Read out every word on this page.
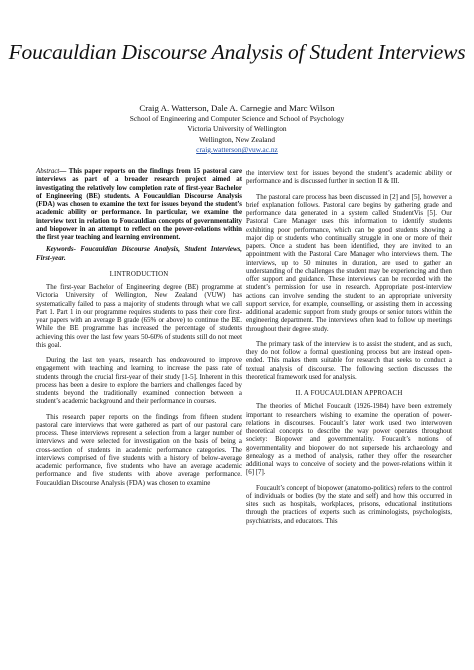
Foucauldian Discourse Analysis of Student Interviews
Craig A. Watterson, Dale A. Carnegie and Marc Wilson
School of Engineering and Computer Science and School of Psychology
Victoria University of Wellington
Wellington, New Zealand
craig.watterson@vuw.ac.nz

Abstract— This paper reports on the findings from 15 pastoral care interviews as part of a broader research project aimed at investigating the relatively low completion rate of first-year Bachelor of Engineering (BE) students. A Foucauldian Discourse Analysis (FDA) was chosen to examine the text for issues beyond the student’s academic ability or performance. In particular, we examine the interview text in relation to Foucauldian concepts of governmentality and biopower in an attempt to reflect on the power-relations within the first year teaching and learning environment.

Keywords- Foucauldian Discourse Analysis, Student Interviews, First-year.

I.INTRODUCTION

The first-year Bachelor of Engineering degree (BE) programme at Victoria University of Wellington, New Zealand (VUW) has systematically failed to pass a majority of students through what we call Part 1. Part 1 in our programme requires students to pass their core first-year papers with an average B grade (65% or above) to continue the BE. While the BE programme has increased the percentage of students achieving this over the last few years 50-60% of students still do not meet this goal.

During the last ten years, research has endeavoured to improve engagement with teaching and learning to increase the pass rate of students through the crucial first-year of their study [1-5]. Inherent in this process has been a desire to explore the barriers and challenges faced by students beyond the traditionally examined connection between a student’s academic background and their performance in courses.

This research paper reports on the findings from fifteen student pastoral care interviews that were gathered as part of our pastoral care process. These interviews represent a selection from a larger number of interviews and were selected for investigation on the basis of being a cross-section of students in academic performance categories. The interviews comprised of five students with a history of below-average academic performance, five students who have an average academic performance and five students with above average performance. Foucauldian Discourse Analysis (FDA) was chosen to examine

the interview text for issues beyond the student’s academic ability or performance and is discussed further in section II & III.

The pastoral care process has been discussed in [2] and [5], however a brief explanation follows. Pastoral care begins by gathering grade and performance data generated in a system called StudentVis [5]. Our Pastoral Care Manager uses this information to identify students exhibiting poor performance, which can be good students showing a major dip or students who continually struggle in one or more of their papers. Once a student has been identified, they are invited to an appointment with the Pastoral Care Manager who interviews them. The interviews, up to 50 minutes in duration, are used to gather an understanding of the challenges the student may be experiencing and then offer support and guidance. These interviews can be recorded with the student’s permission for use in research. Appropriate post-interview actions can involve sending the student to an appropriate university support service, for example, counselling, or assisting them in accessing additional academic support from study groups or senior tutors within the engineering department. The interviews often lead to follow up meetings throughout their degree study.

The primary task of the interview is to assist the student, and as such, they do not follow a formal questioning process but are instead open-ended. This makes them suitable for research that seeks to conduct a textual analysis of discourse. The following section discusses the theoretical framework used for analysis.

II. A FOUCAULDIAN APPROACH

The theories of Michel Foucault (1926-1984) have been extremely important to researchers wishing to examine the operation of power-relations in discourses. Foucault’s later work used two interwoven theoretical concepts to describe the way power operates throughout society: Biopower and governmentality. Foucault’s notions of governmentality and biopower do not supersede his archaeology and genealogy as a method of analysis, rather they offer the researcher additional ways to conceive of society and the power-relations within it [6] [7].

Foucault’s concept of biopower (anatomo-politics) refers to the control of individuals or bodies (by the state and self) and how this occurred in sites such as hospitals, workplaces, prisons, educational institutions through the practices of experts such as criminologists, psychologists, psychiatrists, and educators. This
